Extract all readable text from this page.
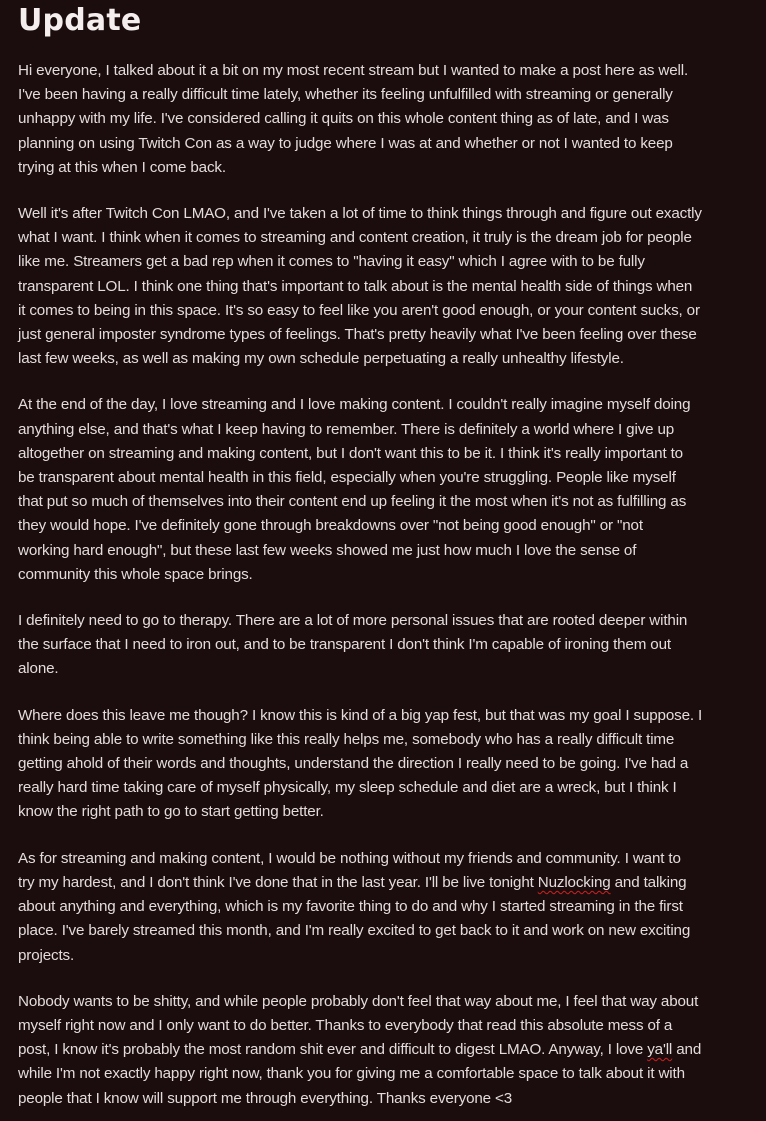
Update

Hi everyone, I talked about it a bit on my most recent stream but I wanted to make a post here as well.
I've been having a really difficult time lately, whether its feeling unfulfilled with streaming or generally
unhappy with my life. I've considered calling it quits on this whole content thing as of late, and I was
planning on using Twitch Con as a way to judge where I was at and whether or not I wanted to keep
trying at this when I come back.

Well it's after Twitch Con LMAO, and I've taken a lot of time to think things through and figure out exactly
what I want. I think when it comes to streaming and content creation, it truly is the dream job for people
like me. Streamers get a bad rep when it comes to "having it easy" which I agree with to be fully
transparent LOL. I think one thing that's important to talk about is the mental health side of things when
it comes to being in this space. It's so easy to feel like you aren't good enough, or your content sucks, or
just general imposter syndrome types of feelings. That's pretty heavily what I've been feeling over these
last few weeks, as well as making my own schedule perpetuating a really unhealthy lifestyle.

At the end of the day, I love streaming and I love making content. I couldn't really imagine myself doing
anything else, and that's what I keep having to remember. There is definitely a world where I give up
altogether on streaming and making content, but I don't want this to be it. I think it's really important to
be transparent about mental health in this field, especially when you're struggling. People like myself
that put so much of themselves into their content end up feeling it the most when it's not as fulfilling as
they would hope. I've definitely gone through breakdowns over "not being good enough" or "not
working hard enough", but these last few weeks showed me just how much I love the sense of
community this whole space brings.

I definitely need to go to therapy. There are a lot of more personal issues that are rooted deeper within
the surface that I need to iron out, and to be transparent I don't think I'm capable of ironing them out
alone.

Where does this leave me though? I know this is kind of a big yap fest, but that was my goal I suppose. I
think being able to write something like this really helps me, somebody who has a really difficult time
getting ahold of their words and thoughts, understand the direction I really need to be going. I've had a
really hard time taking care of myself physically, my sleep schedule and diet are a wreck, but I think I
know the right path to go to start getting better.

As for streaming and making content, I would be nothing without my friends and community. I want to
try my hardest, and I don't think I've done that in the last year. I'll be live tonight Nuzlocking and talking
about anything and everything, which is my favorite thing to do and why I started streaming in the first
place. I've barely streamed this month, and I'm really excited to get back to it and work on new exciting
projects.

Nobody wants to be shitty, and while people probably don't feel that way about me, I feel that way about
myself right now and I only want to do better. Thanks to everybody that read this absolute mess of a
post, I know it's probably the most random shit ever and difficult to digest LMAO. Anyway, I love ya'll and
while I'm not exactly happy right now, thank you for giving me a comfortable space to talk about it with
people that I know will support me through everything. Thanks everyone <3
